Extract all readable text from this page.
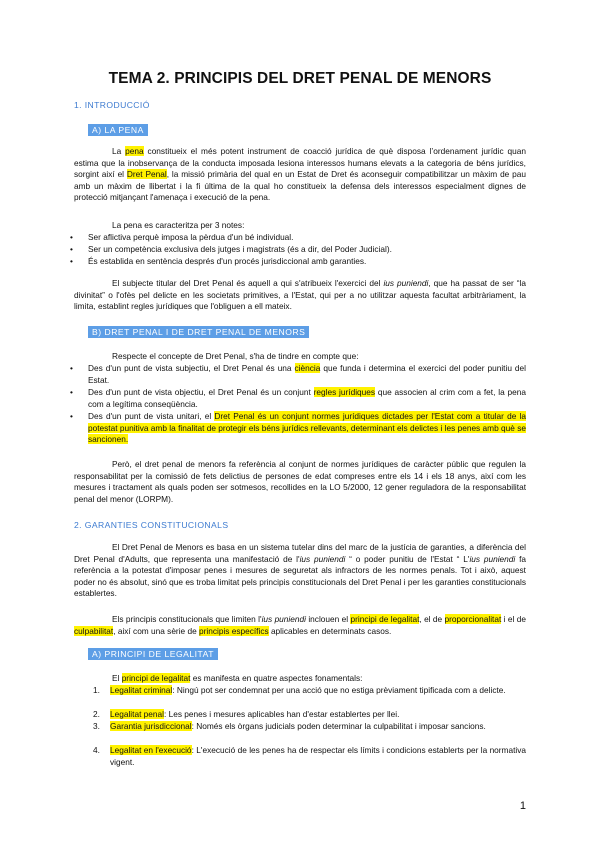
TEMA 2. PRINCIPIS DEL DRET PENAL DE MENORS
1. INTRODUCCIÓ
A) LA PENA
La pena constitueix el més potent instrument de coacció jurídica de què disposa l’ordenament jurídic quan estima que la inobservança de la conducta imposada lesiona interessos humans elevats a la categoria de béns jurídics, sorgint així el Dret Penal, la missió primària del qual en un Estat de Dret és aconseguir compatibilitzar un màxim de pau amb un màxim de llibertat i la fi última de la qual ho constitueix la defensa dels interessos especialment dignes de protecció mitjançant l'amenaça i execució de la pena.
La pena es caracteritza per 3 notes:
• Ser aflictiva perquè imposa la pèrdua d'un bé individual.
• Ser un competència exclusiva dels jutges i magistrats (és a dir, del Poder Judicial).
• És establida en sentència després d'un procés jurisdiccional amb garanties.
El subjecte titular del Dret Penal és aquell a qui s'atribueix l'exercici del ius puniendi, que ha passat de ser “la divinitat” o l'ofès pel delicte en les societats primitives, a l'Estat, qui per a no utilitzar aquesta facultat arbitràriament, la limita, establint regles jurídiques que l'obliguen a ell mateix.
B) DRET PENAL I DE DRET PENAL DE MENORS
Respecte el concepte de Dret Penal, s'ha de tindre en compte que:
• Des d'un punt de vista subjectiu, el Dret Penal és una ciència que funda i determina el exercici del poder punitiu del Estat.
• Des d'un punt de vista objectiu, el Dret Penal és un conjunt regles jurídiques que associen al crim com a fet, la pena com a legítima conseqüència.
• Des d'un punt de vista unitari, el Dret Penal és un conjunt normes jurídiques dictades per l'Estat com a titular de la potestat punitiva amb la finalitat de protegir els béns jurídics rellevants, determinant els delictes i les penes amb què se sancionen.
Però, el dret penal de menors fa referència al conjunt de normes jurídiques de caràcter públic que regulen la responsabilitat per la comissió de fets delictius de persones de edat compreses entre els 14 i els 18 anys, així com les mesures i tractament als quals poden ser sotmesos, recollides en la LO 5/2000, 12 gener reguladora de la responsabilitat penal del menor (LORPM).
2. GARANTIES CONSTITUCIONALS
El Dret Penal de Menors es basa en un sistema tutelar dins del marc de la justícia de garanties, a diferència del Dret Penal d'Adults, que representa una manifestació de l'ius puniendi “ o poder punitiu de l'Estat “ L'ius puniendi fa referència a la potestat d'imposar penes i mesures de seguretat als infractors de les normes penals. Tot i això, aquest poder no és absolut, sinó que es troba limitat pels principis constitucionals del Dret Penal i per les garanties constitucionals establertes.
Els principis constitucionals que limiten l'ius puniendi inclouen el principi de legalitat, el de proporcionalitat i el de culpabilitat, així com una sèrie de principis específics aplicables en determinats casos.
A) PRINCIPI DE LEGALITAT
El principi de legalitat es manifesta en quatre aspectes fonamentals:
1. Legalitat criminal: Ningú pot ser condemnat per una acció que no estiga prèviament tipificada com a delicte.
2. Legalitat penal: Les penes i mesures aplicables han d'estar establertes per llei.
3. Garantia jurisdiccional: Només els òrgans judicials poden determinar la culpabilitat i imposar sancions.
4. Legalitat en l'execució: L'execució de les penes ha de respectar els límits i condicions establerts per la normativa vigent.
1
